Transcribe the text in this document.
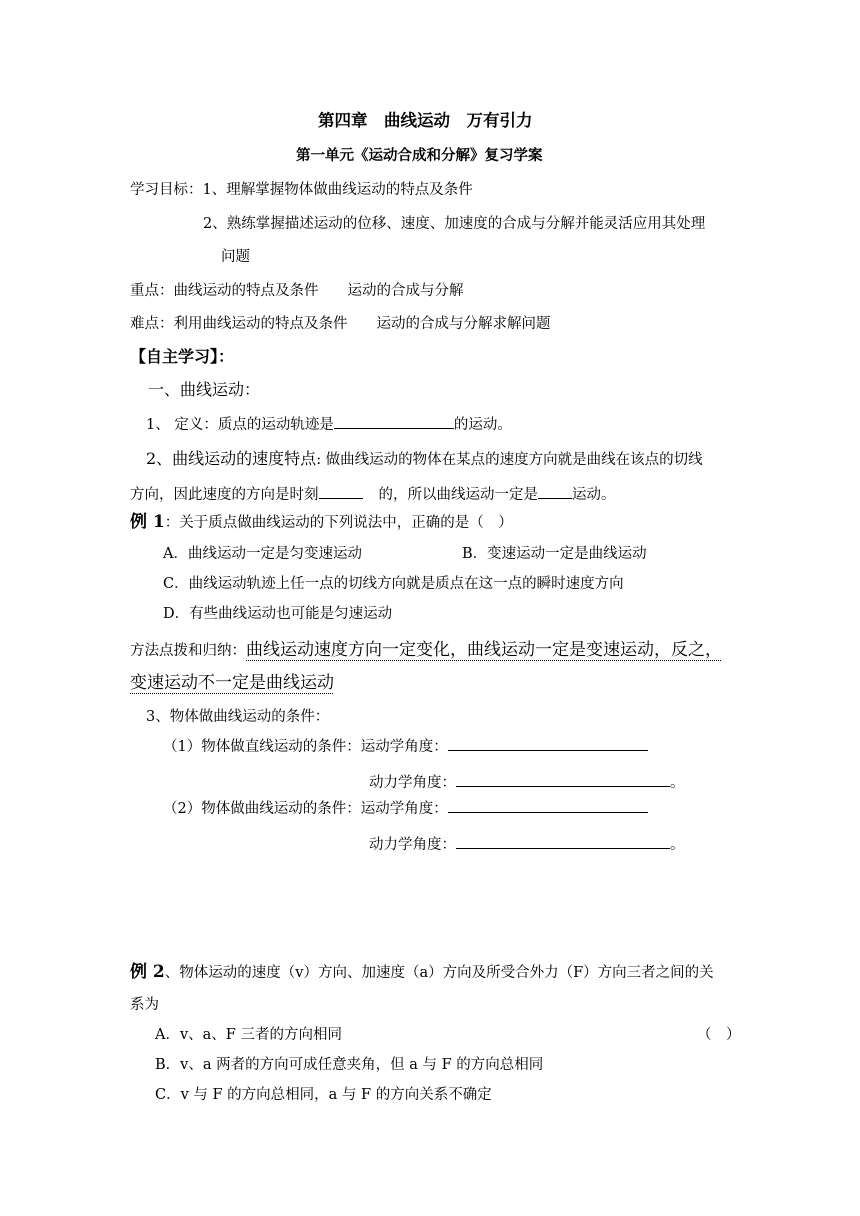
第四章　曲线运动　万有引力
第一单元《运动合成和分解》复习学案
学习目标：1、理解掌握物体做曲线运动的特点及条件
2、熟练掌握描述运动的位移、速度、加速度的合成与分解并能灵活应用其处理
问题
重点：曲线运动的特点及条件　　运动的合成与分解
难点：利用曲线运动的特点及条件　　运动的合成与分解求解问题
【自主学习】：
一、曲线运动：
1、 定义：质点的运动轨迹是	的运动。
2、曲线运动的速度特点: 做曲线运动的物体在某点的速度方向就是曲线在该点的切线
方向，因此速度的方向是时刻	的，所以曲线运动一定是 运动。
例 1：关于质点做曲线运动的下列说法中，正确的是（　）
A．曲线运动一定是匀变速运动	B．变速运动一定是曲线运动
C．曲线运动轨迹上任一点的切线方向就是质点在这一点的瞬时速度方向
D．有些曲线运动也可能是匀速运动
方法点拨和归纳：曲线运动速度方向一定变化，曲线运动一定是变速运动，反之，
变速运动不一定是曲线运动
3、物体做曲线运动的条件：
（1）物体做直线运动的条件：运动学角度：
动力学角度：	。
（2）物体做曲线运动的条件：运动学角度：
动力学角度：	。
例 2、物体运动的速度（v）方向、加速度（a）方向及所受合外力（F）方向三者之间的关
系为
A．v、a、F 三者的方向相同	（　）
B．v、a 两者的方向可成任意夹角，但 a 与 F 的方向总相同
C．v 与 F 的方向总相同，a 与 F 的方向关系不确定
